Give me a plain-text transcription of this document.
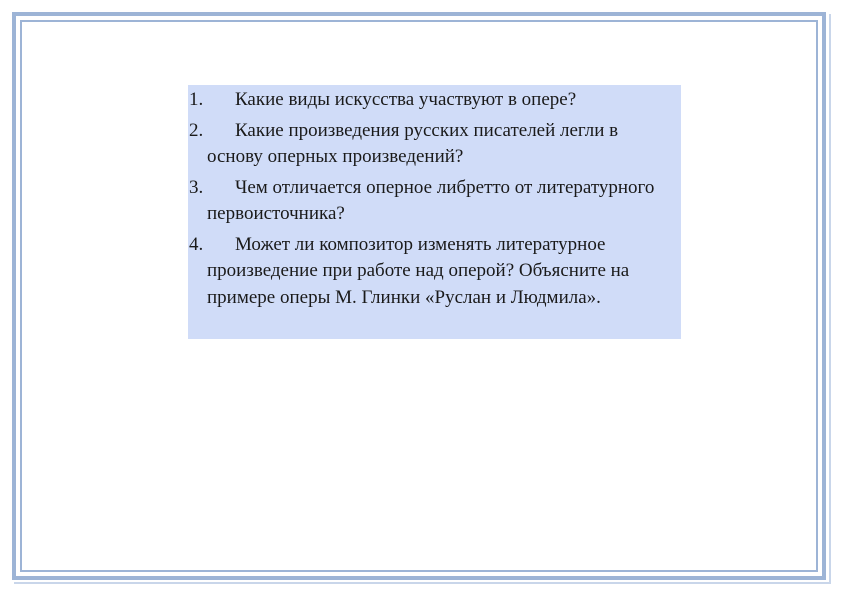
1. Какие виды искусства участвуют в опере?
2. Какие произведения русских писателей легли в основу оперных произведений?
3. Чем отличается оперное либретто от литературного первоисточника?
4. Может ли композитор изменять литературное произведение при работе над оперой? Объясните на примере оперы М. Глинки «Руслан и Людмила».
